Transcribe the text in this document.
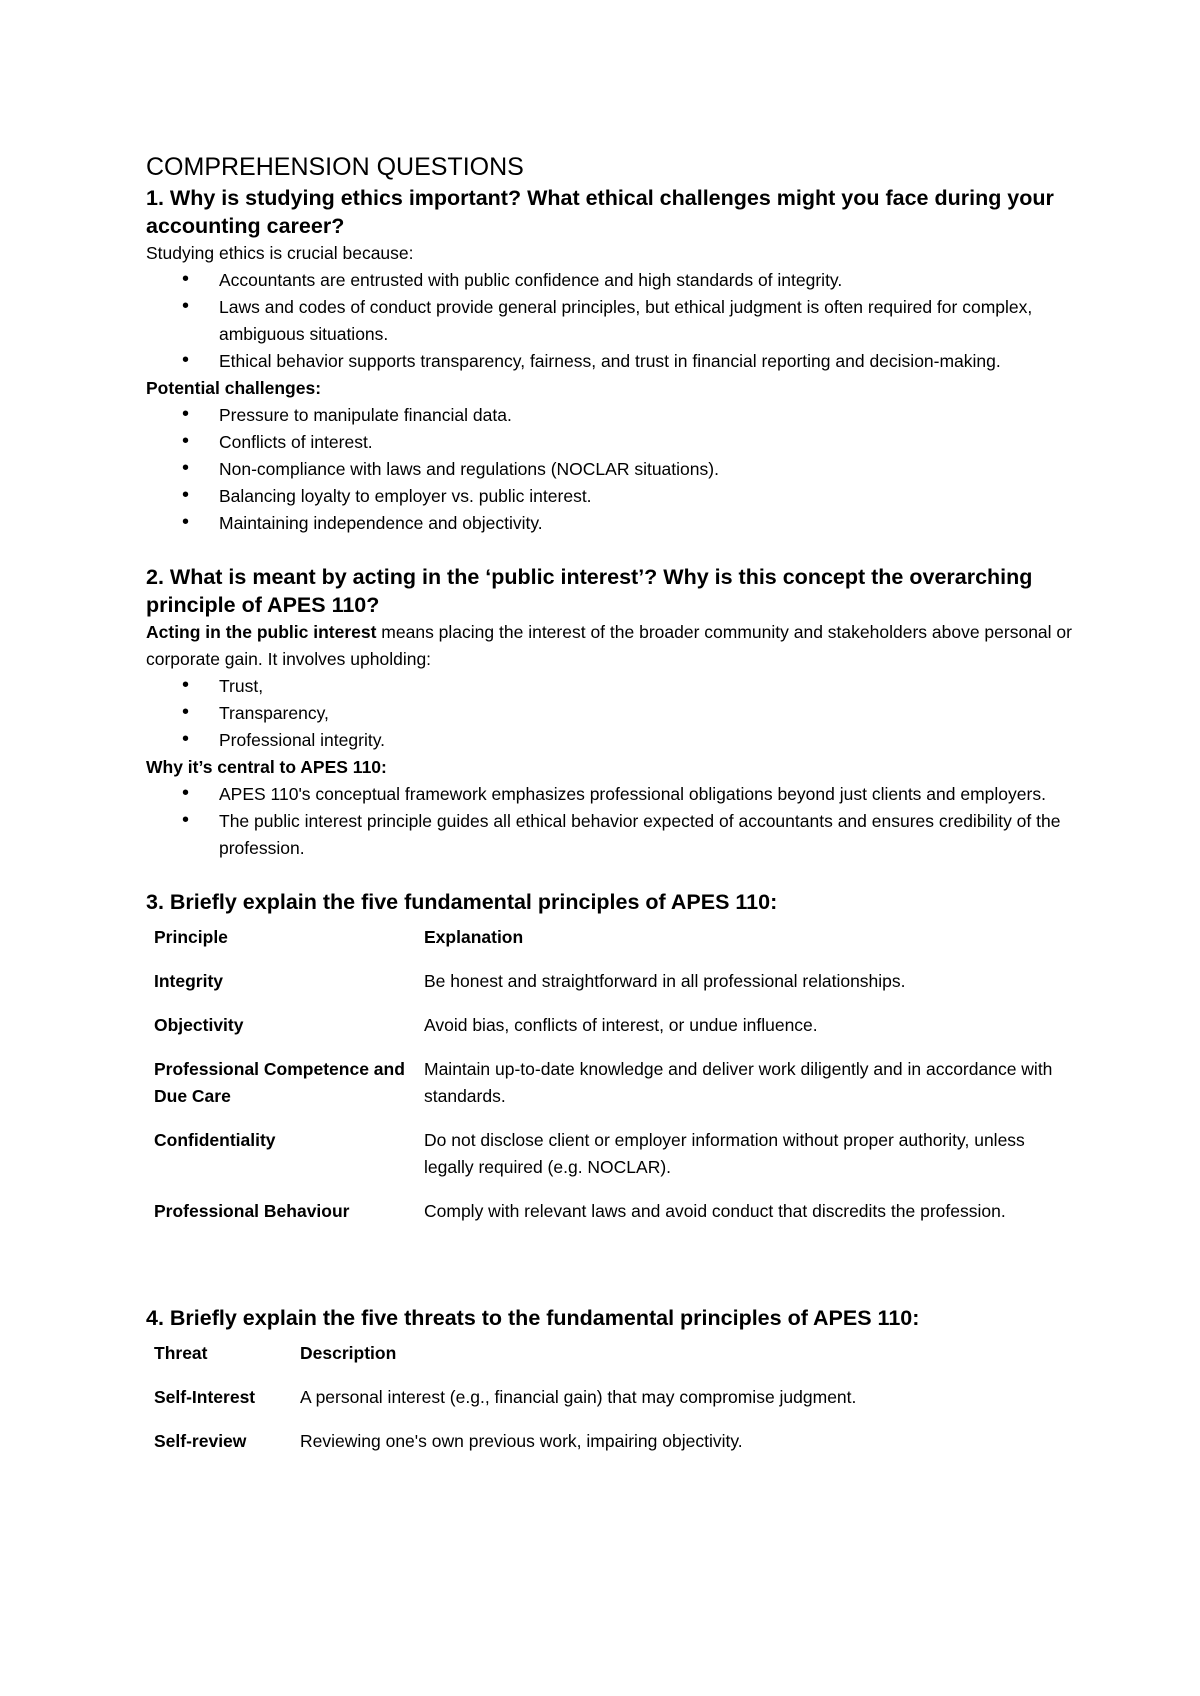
COMPREHENSION QUESTIONS
1. Why is studying ethics important? What ethical challenges might you face during your accounting career?

Studying ethics is crucial because:

• Accountants are entrusted with public confidence and high standards of integrity.
• Laws and codes of conduct provide general principles, but ethical judgment is often required for complex, ambiguous situations.
• Ethical behavior supports transparency, fairness, and trust in financial reporting and decision-making.

Potential challenges:

• Pressure to manipulate financial data.
• Conflicts of interest.
• Non-compliance with laws and regulations (NOCLAR situations).
• Balancing loyalty to employer vs. public interest.
• Maintaining independence and objectivity.
2. What is meant by acting in the ‘public interest’? Why is this concept the overarching principle of APES 110?

Acting in the public interest means placing the interest of the broader community and stakeholders above personal or corporate gain. It involves upholding:

• Trust,
• Transparency,
• Professional integrity.

Why it’s central to APES 110:

• APES 110's conceptual framework emphasizes professional obligations beyond just clients and employers.
• The public interest principle guides all ethical behavior expected of accountants and ensures credibility of the profession.
3. Briefly explain the five fundamental principles of APES 110:
Principle	Explanation
Integrity	Be honest and straightforward in all professional relationships.
Objectivity	Avoid bias, conflicts of interest, or undue influence.
Professional Competence and Due Care	Maintain up-to-date knowledge and deliver work diligently and in accordance with standards.
Confidentiality	Do not disclose client or employer information without proper authority, unless legally required (e.g. NOCLAR).
Professional Behaviour	Comply with relevant laws and avoid conduct that discredits the profession.
4. Briefly explain the five threats to the fundamental principles of APES 110:
Threat	Description
Self-Interest	A personal interest (e.g., financial gain) that may compromise judgment.
Self-review	Reviewing one's own previous work, impairing objectivity.
